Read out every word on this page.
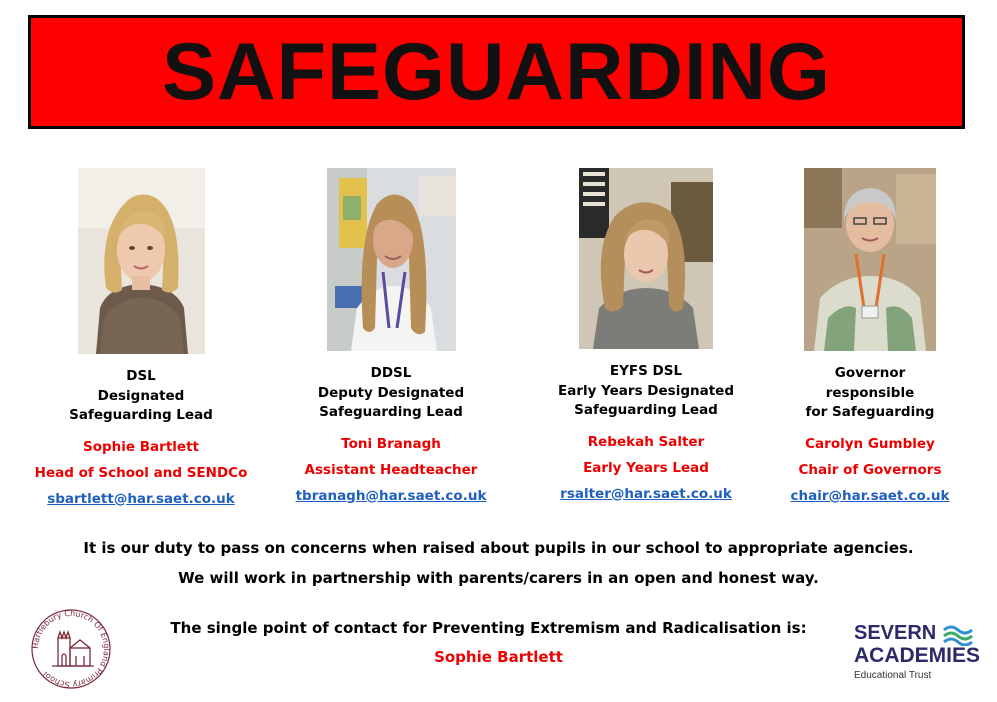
SAFEGUARDING
DSL
Designated
Safeguarding Lead
Sophie Bartlett
Head of School and SENDCo
sbartlett@har.saet.co.uk
DDSL
Deputy Designated
Safeguarding Lead
Toni Branagh
Assistant Headteacher
tbranagh@har.saet.co.uk
EYFS DSL
Early Years Designated
Safeguarding Lead
Rebekah Salter
Early Years Lead
rsalter@har.saet.co.uk
Governor
responsible
for Safeguarding
Carolyn Gumbley
Chair of Governors
chair@har.saet.co.uk
It is our duty to pass on concerns when raised about pupils in our school to appropriate agencies.
We will work in partnership with parents/carers in an open and honest way.
The single point of contact for Preventing Extremism and Radicalisation is:
Sophie Bartlett
Hartlebury Church Of England Primary School
SEVERN
ACADEMIES
Educational Trust
